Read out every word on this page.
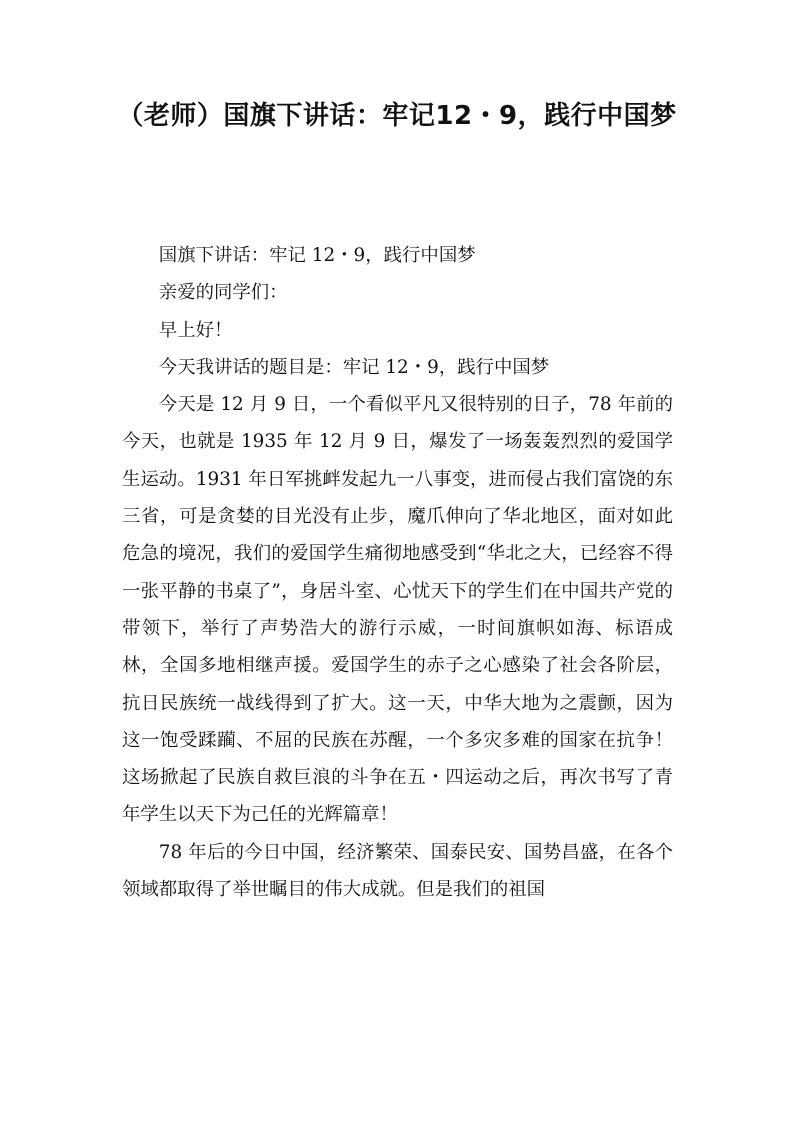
（老师）国旗下讲话：牢记12・9，践行中国梦

国旗下讲话：牢记 12・9，践行中国梦

亲爱的同学们：

早上好！

今天我讲话的题目是：牢记 12・9，践行中国梦

今天是 12 月 9 日，一个看似平凡又很特别的日子，78 年前的今天，也就是 1935 年 12 月 9 日，爆发了一场轰轰烈烈的爱国学生运动。1931 年日军挑衅发起九一八事变，进而侵占我们富饶的东三省，可是贪婪的目光没有止步，魔爪伸向了华北地区，面对如此危急的境况，我们的爱国学生痛彻地感受到“华北之大，已经容不得一张平静的书桌了”，身居斗室、心忧天下的学生们在中国共产党的带领下，举行了声势浩大的游行示威，一时间旗帜如海、标语成林，全国多地相继声援。爱国学生的赤子之心感染了社会各阶层，抗日民族统一战线得到了扩大。这一天，中华大地为之震颤，因为这一饱受蹂躏、不屈的民族在苏醒，一个多灾多难的国家在抗争！这场掀起了民族自救巨浪的斗争在五・四运动之后，再次书写了青年学生以天下为己任的光辉篇章！

78 年后的今日中国，经济繁荣、国泰民安、国势昌盛，在各个领域都取得了举世瞩目的伟大成就。但是我们的祖国
